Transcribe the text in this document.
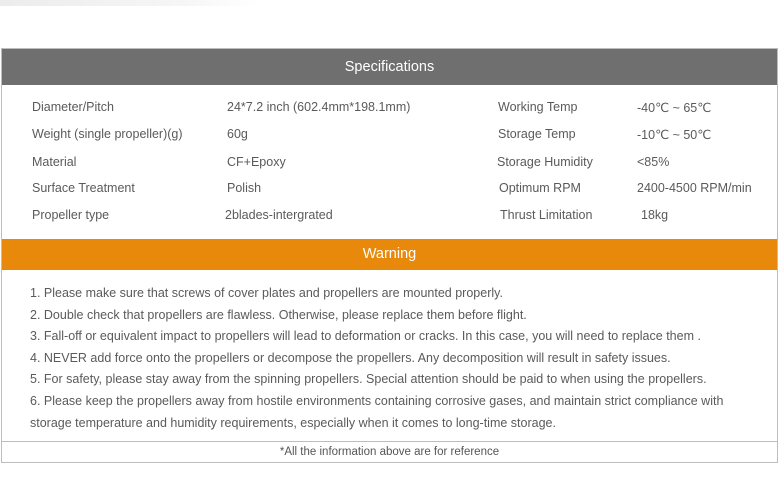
Specifications
Diameter/Pitch	24*7.2 inch (602.4mm*198.1mm)	Working Temp	-40℃ ~ 65℃
Weight (single propeller)(g)	60g	Storage Temp	-10℃ ~ 50℃
Material	CF+Epoxy	Storage Humidity	<85%
Surface Treatment	Polish	Optimum RPM	2400-4500 RPM/min
Propeller type	2blades-intergrated	Thrust Limitation	18kg
Warning
1. Please make sure that screws of cover plates and propellers are mounted properly.
2. Double check that propellers are flawless. Otherwise, please replace them before flight.
3. Fall-off or equivalent impact to propellers will lead to deformation or cracks. In this case, you will need to replace them .
4. NEVER add force onto the propellers or decompose the propellers. Any decomposition will result in safety issues.
5. For safety, please stay away from the spinning propellers. Special attention should be paid to when using the propellers.
6. Please keep the propellers away from hostile environments containing corrosive gases, and maintain strict compliance with
storage temperature and humidity requirements, especially when it comes to long-time storage.
*All the information above are for reference
